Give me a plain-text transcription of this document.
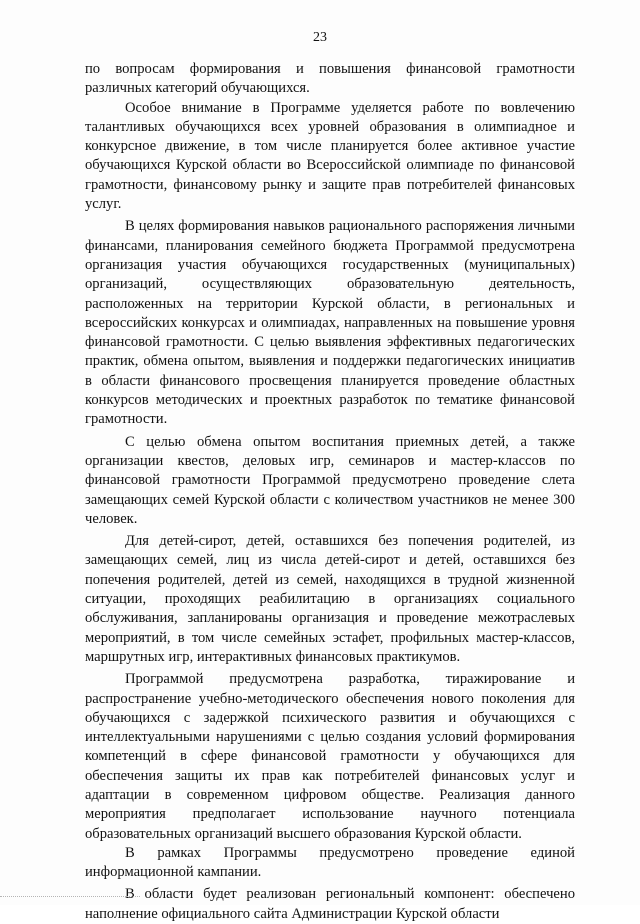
23

по вопросам формирования и повышения финансовой грамотности различных категорий обучающихся.

Особое внимание в Программе уделяется работе по вовлечению талантливых обучающихся всех уровней образования в олимпиадное и конкурсное движение, в том числе планируется более активное участие обучающихся Курской области во Всероссийской олимпиаде по финансовой грамотности, финансовому рынку и защите прав потребителей финансовых услуг.

В целях формирования навыков рационального распоряжения личными финансами, планирования семейного бюджета Программой предусмотрена организация участия обучающихся государственных (муниципальных) организаций, осуществляющих образовательную деятельность, расположенных на территории Курской области, в региональных и всероссийских конкурсах и олимпиадах, направленных на повышение уровня финансовой грамотности. С целью выявления эффективных педагогических практик, обмена опытом, выявления и поддержки педагогических инициатив в области финансового просвещения планируется проведение областных конкурсов методических и проектных разработок по тематике финансовой грамотности.

С целью обмена опытом воспитания приемных детей, а также организации квестов, деловых игр, семинаров и мастер-классов по финансовой грамотности Программой предусмотрено проведение слета замещающих семей Курской области с количеством участников не менее 300 человек.

Для детей-сирот, детей, оставшихся без попечения родителей, из замещающих семей, лиц из числа детей-сирот и детей, оставшихся без попечения родителей, детей из семей, находящихся в трудной жизненной ситуации, проходящих реабилитацию в организациях социального обслуживания, запланированы организация и проведение межотраслевых мероприятий, в том числе семейных эстафет, профильных мастер-классов, маршрутных игр, интерактивных финансовых практикумов.

Программой предусмотрена разработка, тиражирование и распространение учебно-методического обеспечения нового поколения для обучающихся с задержкой психического развития и обучающихся с интеллектуальными нарушениями с целью создания условий формирования компетенций в сфере финансовой грамотности у обучающихся для обеспечения защиты их прав как потребителей финансовых услуг и адаптации в современном цифровом обществе. Реализация данного мероприятия предполагает использование научного потенциала образовательных организаций высшего образования Курской области.

В рамках Программы предусмотрено проведение единой информационной кампании.

В области будет реализован региональный компонент: обеспечено наполнение официального сайта Администрации Курской области
